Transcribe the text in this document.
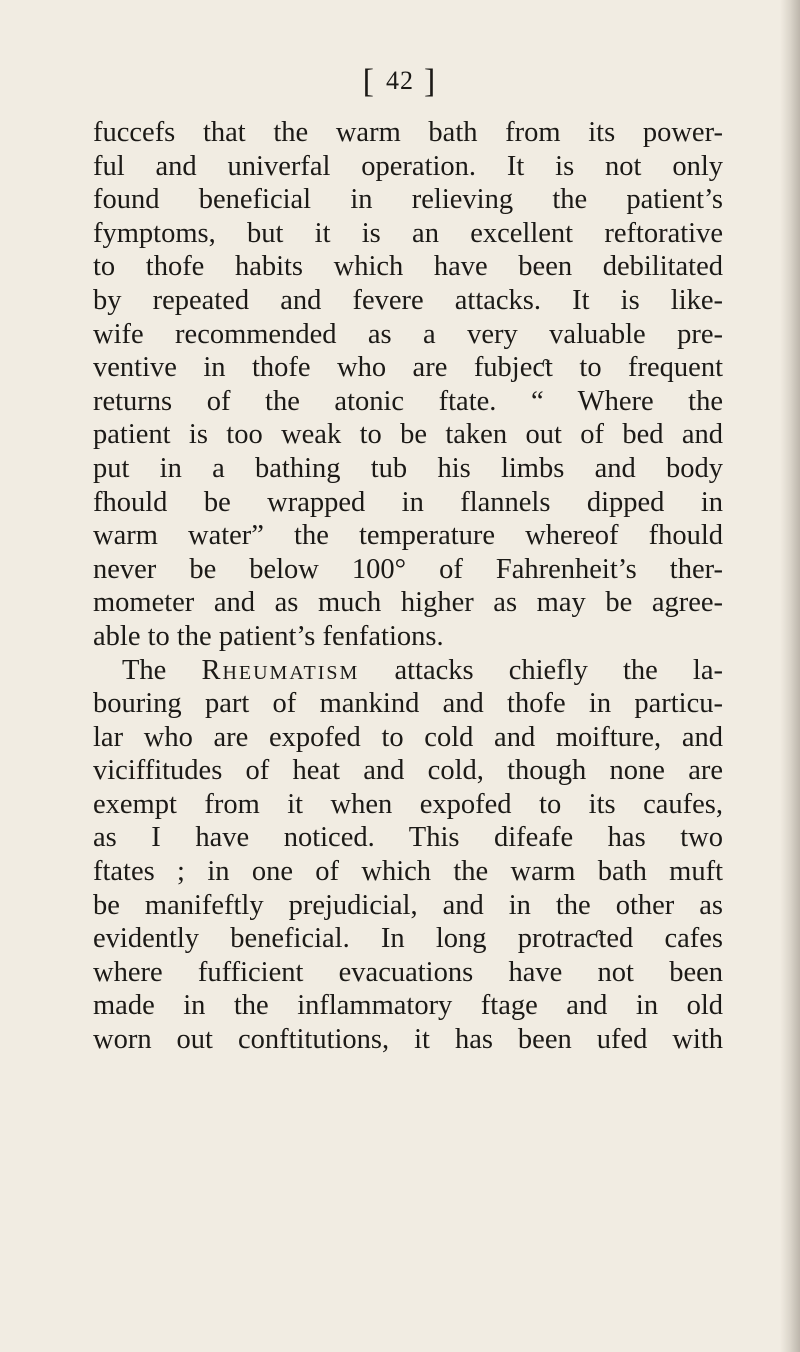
[ 42 ]
fuccefs that the warm bath from its power-
ful and univerfal operation. It is not only
found beneficial in relieving the patient’s
fymptoms, but it is an excellent reftorative
to thofe habits which have been debilitated
by repeated and fevere attacks. It is like-
wife recommended as a very valuable pre-
ventive in thofe who are fubjeƈt to frequent
returns of the atonic ftate. “ Where the
patient is too weak to be taken out of bed and
put in a bathing tub his limbs and body
fhould be wrapped in flannels dipped in
warm water” the temperature whereof fhould
never be below 100° of Fahrenheit’s ther-
mometer and as much higher as may be agree-
able to the patient’s fenfations.
The Rheumatism attacks chiefly the la-
bouring part of mankind and thofe in particu-
lar who are expofed to cold and moifture, and
viciffitudes of heat and cold, though none are
exempt from it when expofed to its caufes,
as I have noticed. This difeafe has two
ftates ; in one of which the warm bath muft
be manifeftly prejudicial, and in the other as
evidently beneficial. In long protraƈted cafes
where fufficient evacuations have not been
made in the inflammatory ftage and in old
worn out conftitutions, it has been ufed with
